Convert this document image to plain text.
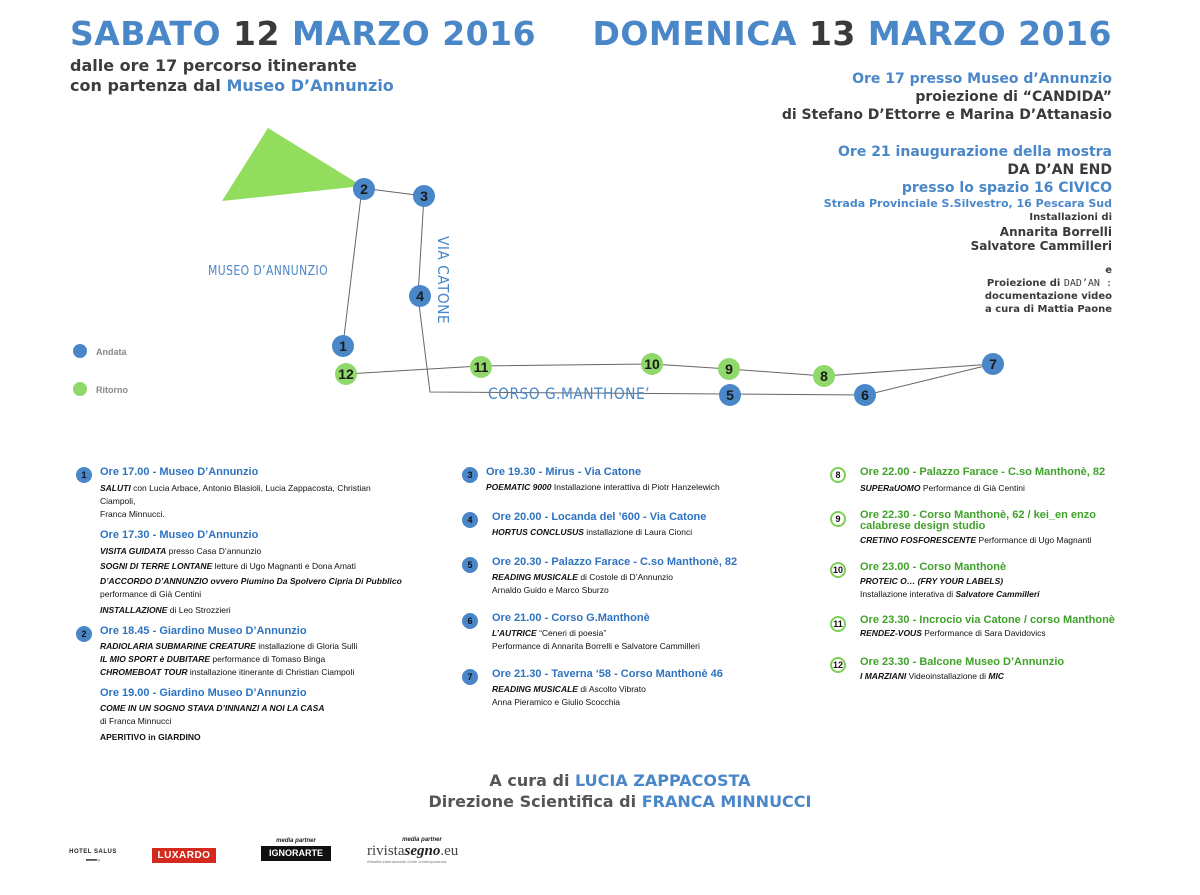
SABATO 12 MARZO 2016
dalle ore 17 percorso itinerante
con partenza dal Museo D’Annunzio
DOMENICA 13 MARZO 2016
Ore 17 presso Museo d’Annunzio
proiezione di “CANDIDA”
di Stefano D’Ettorre e Marina D’Attanasio
Ore 21 inaugurazione della mostra
DA D’AN END
presso lo spazio 16 CIVICO
Strada Provinciale S.Silvestro, 16 Pescara Sud
Installazioni di
Annarita Borrelli
Salvatore Cammilleri
e
Proiezione di DAD’AN :
documentazione video
a cura di Mattia Paone
MUSEO D’ANNUNZIO	VIA CATONE
CORSO G.MANTHONE’
1
2	3
4
5	6
7
8
9
10
11
12
Andata
Ritorno
1	Ore 17.00 - Museo D’Annunzio
SALUTI con Lucia Arbace, Antonio Blasioli, Lucia Zappacosta, Christian Ciampoli,
Franca Minnucci.
Ore 17.30 - Museo D’Annunzio
VISITA GUIDATA presso Casa D’annunzio
SOGNI DI TERRE LONTANE letture di Ugo Magnanti e Dona Amati
D’ACCORDO D’ANNUNZIO ovvero Piumino Da Spolvero Cipria Di Pubblico
performance di Già Centini
INSTALLAZIONE di Leo Strozzieri
2	Ore 18.45 - Giardino Museo D’Annunzio
RADIOLARIA SUBMARINE CREATURE installazione di Gloria Sulli
IL MIO SPORT è DUBITARE performance di Tomaso Binga
CHROMEBOAT TOUR installazione itinerante di Christian Ciampoli
Ore 19.00 - Giardino Museo D’Annunzio
COME IN UN SOGNO STAVA D’INNANZI A NOI LA CASA
di Franca Minnucci
APERITIVO in GIARDINO
3	Ore 19.30 - Mirus - Via Catone
POEMATIC 9000 Installazione interattiva di Piotr Hanzelewich
4	Ore 20.00 - Locanda del ’600 - Via Catone
HORTUS CONCLUSUS installazione di Laura Cionci
5	Ore 20.30 - Palazzo Farace - C.so Manthonè, 82
READING MUSICALE di Costole di D’Annunzio
Arnaldo Guido e Marco Sburzo
6	Ore 21.00 - Corso G.Manthonè
L’AUTRICE “Ceneri di poesia”
Performance di Annarita Borrelli e Salvatore Cammilleri
7	Ore 21.30 - Taverna ‘58 - Corso Manthonè 46
READING MUSICALE di Ascolto Vibrato
Anna Pieramico e Giulio Scocchia
8	Ore 22.00 - Palazzo Farace - C.so Manthonè, 82
SUPERaUOMO Performance di Già Centini
9	Ore 22.30 - Corso Manthonè, 62 / kei_en enzo calabrese design studio
CRETINO FOSFORESCENTE Performance di Ugo Magnanti
10 Ore 23.00 - Corso Manthonè
PROTEIC O… (FRY YOUR LABELS)
Installazione interativa di Salvatore Cammilleri
11 Ore 23.30 - Incrocio via Catone / corso Manthonè
RENDEZ-VOUS Performance di Sara Davidovics
12 Ore 23.30 - Balcone Museo D’Annunzio
I MARZIANI Videoinstallazione di MIC
A cura di LUCIA ZAPPACOSTA
Direzione Scientifica di FRANCA MINNUCCI
HOTEL SALUS
━━◦	LUXARDO
media partner
IGNORARTE
media partner
rivistasegno.eu
Attualità internazionali d’arte contemporanea
